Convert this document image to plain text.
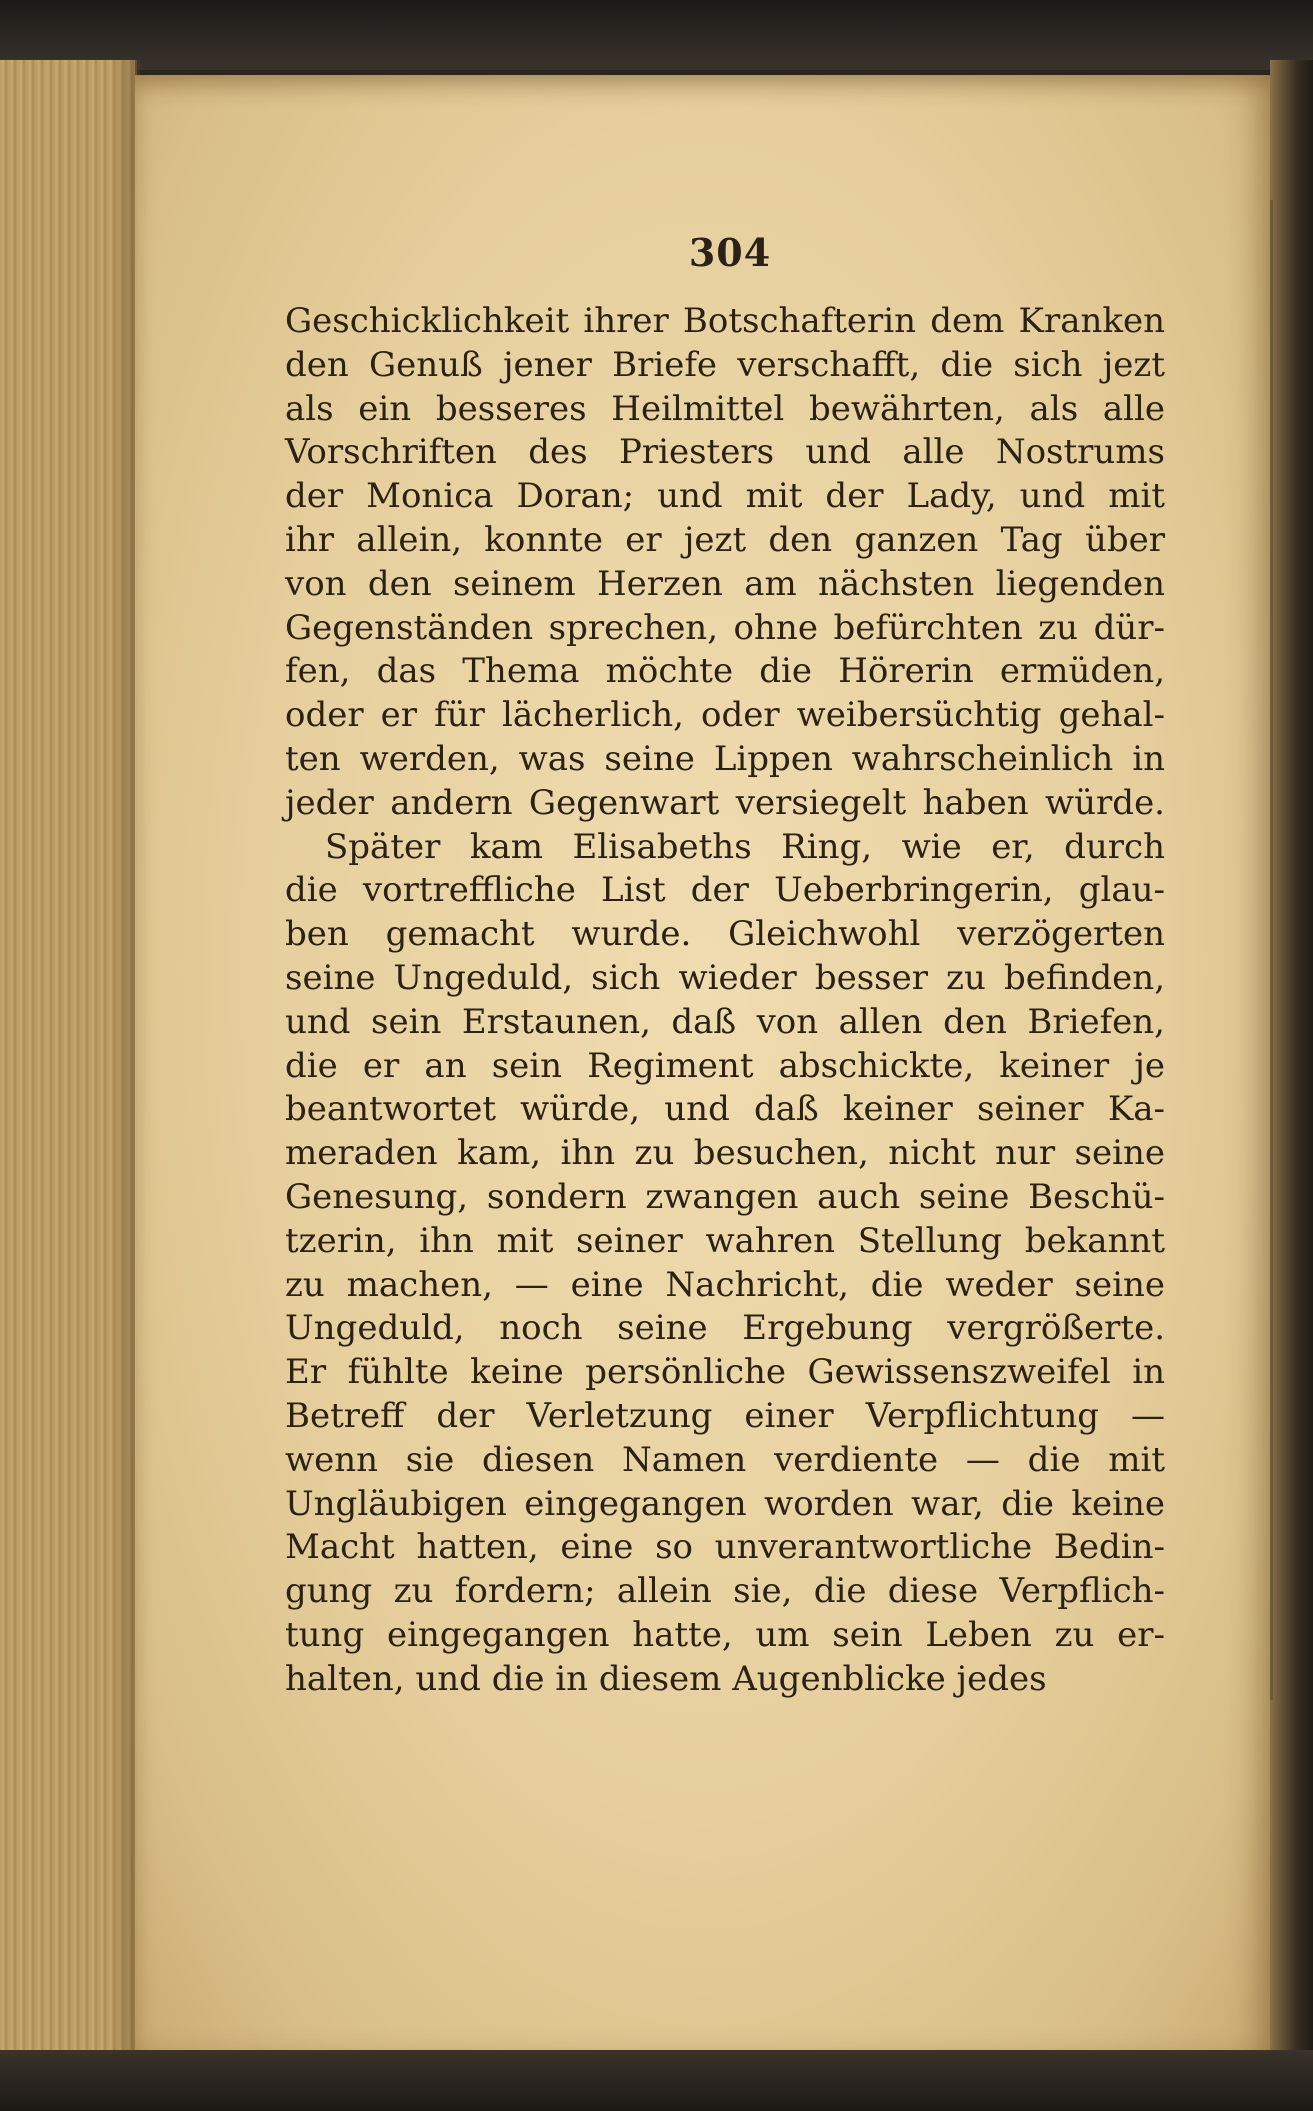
304
Geschicklichkeit ihrer Botschafterin dem Kranken
den Genuß jener Briefe verschafft, die sich jezt
als ein besseres Heilmittel bewährten, als alle
Vorschriften des Priesters und alle Nostrums
der Monica Doran; und mit der Lady, und mit
ihr allein, konnte er jezt den ganzen Tag über
von den seinem Herzen am nächsten liegenden
Gegenständen sprechen, ohne befürchten zu dür-
fen, das Thema möchte die Hörerin ermüden,
oder er für lächerlich, oder weibersüchtig gehal-
ten werden, was seine Lippen wahrscheinlich in
jeder andern Gegenwart versiegelt haben würde.
Später kam Elisabeths Ring, wie er, durch
die vortreffliche List der Ueberbringerin, glau-
ben gemacht wurde. Gleichwohl verzögerten
seine Ungeduld, sich wieder besser zu befinden,
und sein Erstaunen, daß von allen den Briefen,
die er an sein Regiment abschickte, keiner je
beantwortet würde, und daß keiner seiner Ka-
meraden kam, ihn zu besuchen, nicht nur seine
Genesung, sondern zwangen auch seine Beschü-
tzerin, ihn mit seiner wahren Stellung bekannt
zu machen, — eine Nachricht, die weder seine
Ungeduld, noch seine Ergebung vergrößerte.
Er fühlte keine persönliche Gewissenszweifel in
Betreff der Verletzung einer Verpflichtung —
wenn sie diesen Namen verdiente — die mit
Ungläubigen eingegangen worden war, die keine
Macht hatten, eine so unverantwortliche Bedin-
gung zu fordern; allein sie, die diese Verpflich-
tung eingegangen hatte, um sein Leben zu er-
halten, und die in diesem Augenblicke jedes
